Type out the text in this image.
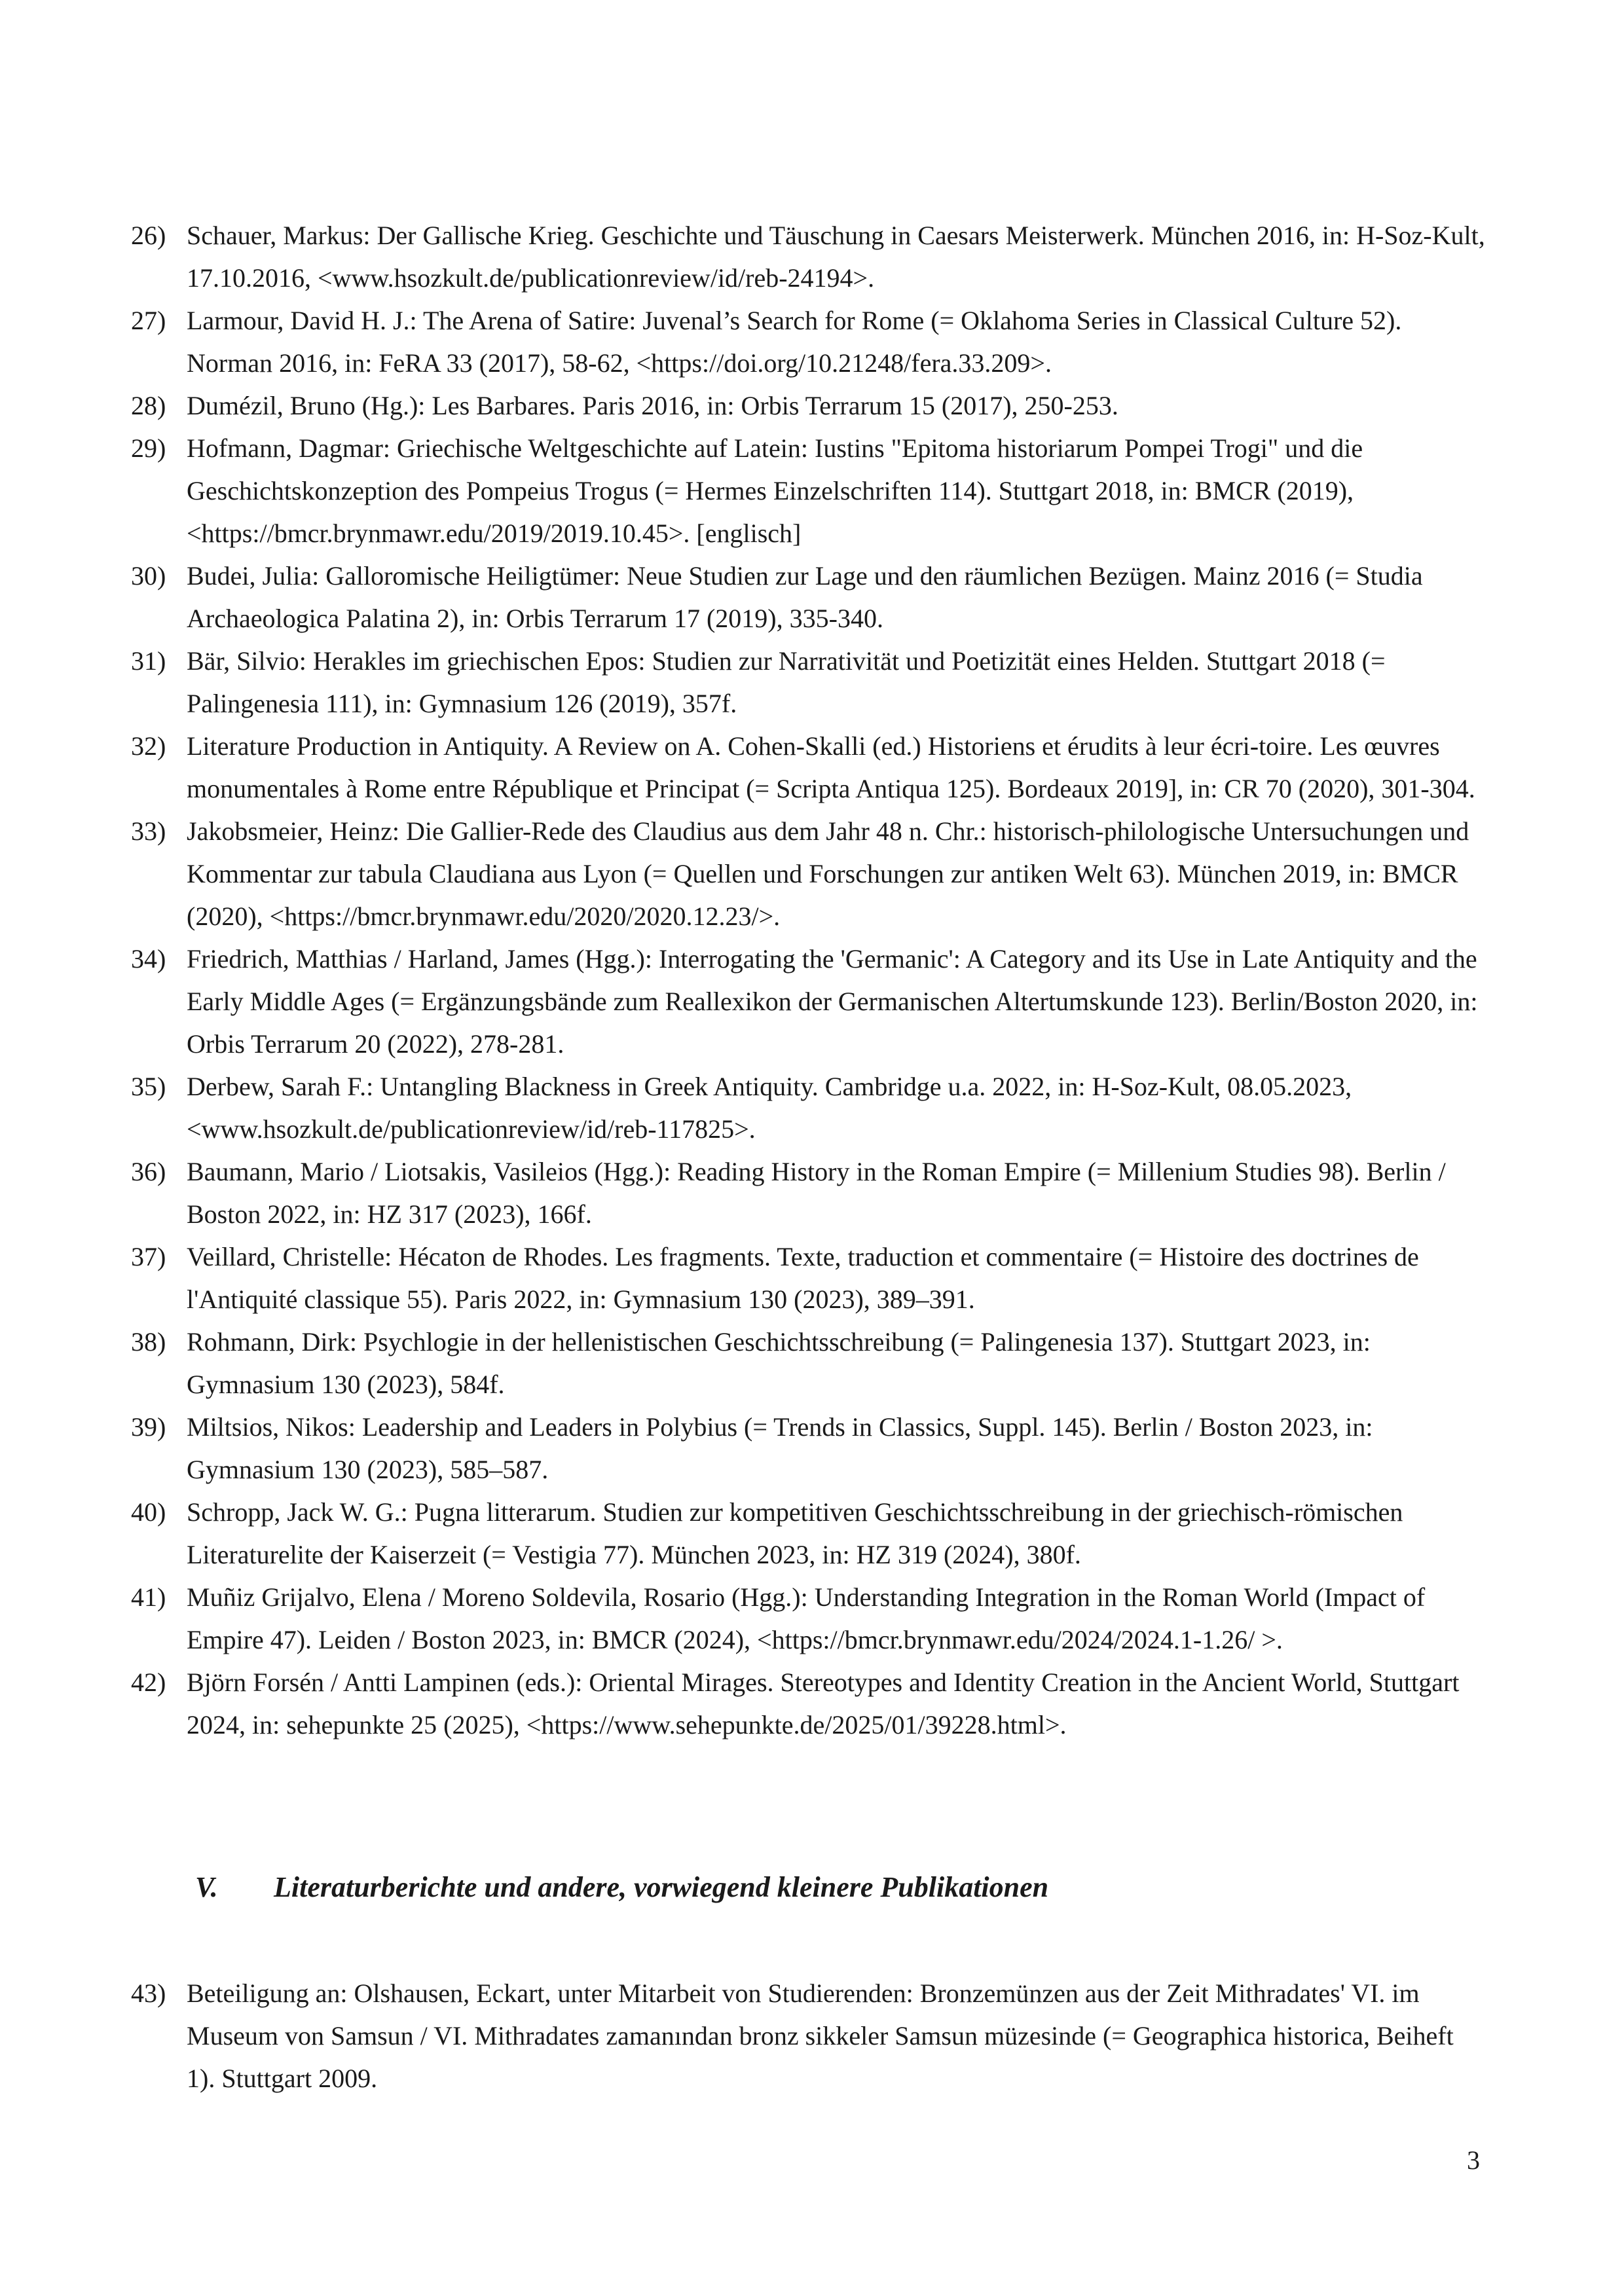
26) Schauer, Markus: Der Gallische Krieg. Geschichte und Täuschung in Caesars Meisterwerk. München 2016, in: H-Soz-Kult, 17.10.2016, <www.hsozkult.de/publicationreview/id/reb-24194>.
27) Larmour, David H. J.: The Arena of Satire: Juvenal’s Search for Rome (= Oklahoma Series in Classical Culture 52). Norman 2016, in: FeRA 33 (2017), 58-62, <https://doi.org/10.21248/fera.33.209>.
28) Dumézil, Bruno (Hg.): Les Barbares. Paris 2016, in: Orbis Terrarum 15 (2017), 250-253.
29) Hofmann, Dagmar: Griechische Weltgeschichte auf Latein: Iustins "Epitoma historiarum Pompei Trogi" und die Geschichtskonzeption des Pompeius Trogus (= Hermes Einzelschriften 114). Stuttgart 2018, in: BMCR (2019), <https://bmcr.brynmawr.edu/2019/2019.10.45>. [englisch]
30) Budei, Julia: Galloromische Heiligtümer: Neue Studien zur Lage und den räumlichen Bezügen. Mainz 2016 (= Studia Archaeologica Palatina 2), in: Orbis Terrarum 17 (2019), 335-340.
31) Bär, Silvio: Herakles im griechischen Epos: Studien zur Narrativität und Poetizität eines Helden. Stuttgart 2018 (= Palingenesia 111), in: Gymnasium 126 (2019), 357f.
32) Literature Production in Antiquity. A Review on A. Cohen-Skalli (ed.) Historiens et érudits à leur écri-toire. Les œuvres monumentales à Rome entre République et Principat (= Scripta Antiqua 125). Bordeaux 2019], in: CR 70 (2020), 301-304.
33) Jakobsmeier, Heinz: Die Gallier-Rede des Claudius aus dem Jahr 48 n. Chr.: historisch-philologische Untersuchungen und Kommentar zur tabula Claudiana aus Lyon (= Quellen und Forschungen zur antiken Welt 63). München 2019, in: BMCR (2020), <https://bmcr.brynmawr.edu/2020/2020.12.23/>.
34) Friedrich, Matthias / Harland, James (Hgg.): Interrogating the 'Germanic': A Category and its Use in Late Antiquity and the Early Middle Ages (= Ergänzungsbände zum Reallexikon der Germanischen Altertumskunde 123). Berlin/Boston 2020, in: Orbis Terrarum 20 (2022), 278-281.
35) Derbew, Sarah F.: Untangling Blackness in Greek Antiquity. Cambridge u.a. 2022, in: H-Soz-Kult, 08.05.2023, <www.hsozkult.de/publicationreview/id/reb-117825>.
36) Baumann, Mario / Liotsakis, Vasileios (Hgg.): Reading History in the Roman Empire (= Millenium Studies 98). Berlin / Boston 2022, in: HZ 317 (2023), 166f.
37) Veillard, Christelle: Hécaton de Rhodes. Les fragments. Texte, traduction et commentaire (= Histoire des doctrines de l'Antiquité classique 55). Paris 2022, in: Gymnasium 130 (2023), 389–391.
38) Rohmann, Dirk: Psychlogie in der hellenistischen Geschichtsschreibung (= Palingenesia 137). Stuttgart 2023, in: Gymnasium 130 (2023), 584f.
39) Miltsios, Nikos: Leadership and Leaders in Polybius (= Trends in Classics, Suppl. 145). Berlin / Boston 2023, in: Gymnasium 130 (2023), 585–587.
40) Schropp, Jack W. G.: Pugna litterarum. Studien zur kompetitiven Geschichtsschreibung in der griechisch-römischen Literaturelite der Kaiserzeit (= Vestigia 77). München 2023, in: HZ 319 (2024), 380f.
41) Muñiz Grijalvo, Elena / Moreno Soldevila, Rosario (Hgg.): Understanding Integration in the Roman World (Impact of Empire 47). Leiden / Boston 2023, in: BMCR (2024), <https://bmcr.brynmawr.edu/2024/2024.1-1.26/ >.
42) Björn Forsén / Antti Lampinen (eds.): Oriental Mirages. Stereotypes and Identity Creation in the Ancient World, Stuttgart 2024, in: sehepunkte 25 (2025), <https://www.sehepunkte.de/2025/01/39228.html>.
V. Literaturberichte und andere, vorwiegend kleinere Publikationen
43) Beteiligung an: Olshausen, Eckart, unter Mitarbeit von Studierenden: Bronzemünzen aus der Zeit Mithradates' VI. im Museum von Samsun / VI. Mithradates zamanından bronz sikkeler Samsun müzesinde (= Geographica historica, Beiheft 1). Stuttgart 2009.
3
